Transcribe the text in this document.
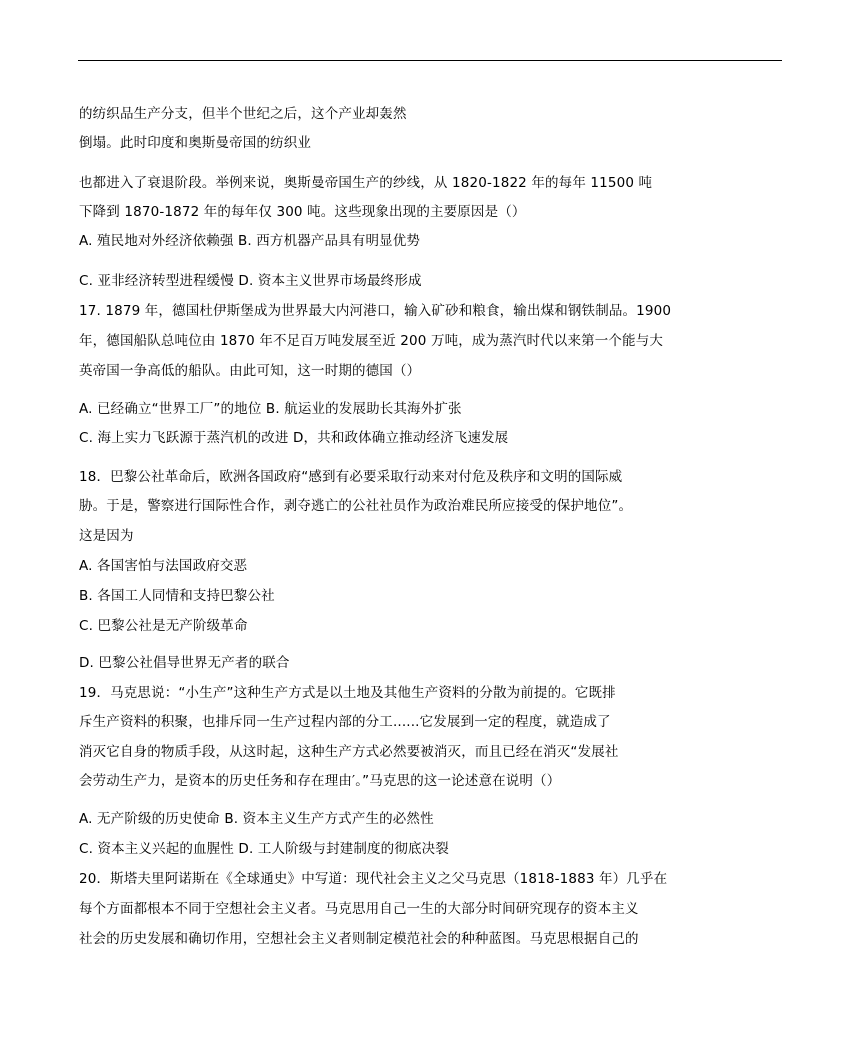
的纺织品生产分支，但半个世纪之后，这个产业却轰然
倒塌。此时印度和奥斯曼帝国的纺织业
也都进入了衰退阶段。举例来说，奥斯曼帝国生产的纱线，从 1820-1822 年的每年 11500 吨
下降到 1870-1872 年的每年仅 300 吨。这些现象出现的主要原因是（）
A. 殖民地对外经济依赖强 B. 西方机器产品具有明显优势
C. 亚非经济转型进程缓慢 D. 资本主义世界市场最终形成
17. 1879 年，德国杜伊斯堡成为世界最大内河港口，输入矿砂和粮食，输出煤和钢铁制品。1900
年，德国船队总吨位由 1870 年不足百万吨发展至近 200 万吨，成为蒸汽时代以来第一个能与大
英帝国一争高低的船队。由此可知，这一时期的德国（）
A. 已经确立“世界工厂”的地位 B. 航运业的发展助长其海外扩张
C. 海上实力飞跃源于蒸汽机的改进 D，共和政体确立推动经济飞速发展
18．巴黎公社革命后，欧洲各国政府“感到有必要采取行动来对付危及秩序和文明的国际威
胁。于是，警察进行国际性合作，剥夺逃亡的公社社员作为政治难民所应接受的保护地位”。
这是因为
A. 各国害怕与法国政府交恶
B. 各国工人同情和支持巴黎公社
C. 巴黎公社是无产阶级革命
D. 巴黎公社倡导世界无产者的联合
19．马克思说：“小生产”这种生产方式是以土地及其他生产资料的分散为前提的。它既排
斥生产资料的积聚，也排斥同一生产过程内部的分工......它发展到一定的程度，就造成了
消灭它自身的物质手段，从这时起，这种生产方式必然要被消灭，而且已经在消灭“发展社
会劳动生产力，是资本的历史任务和存在理由′。”马克思的这一论述意在说明（）
A. 无产阶级的历史使命 B. 资本主义生产方式产生的必然性
C. 资本主义兴起的血腥性 D. 工人阶级与封建制度的彻底决裂
20．斯塔夫里阿诺斯在《全球通史》中写道：现代社会主义之父马克思（1818-1883 年）几乎在
每个方面都根本不同于空想社会主义者。马克思用自己一生的大部分时间研究现存的资本主义
社会的历史发展和确切作用，空想社会主义者则制定模范社会的种种蓝图。马克思根据自己的
